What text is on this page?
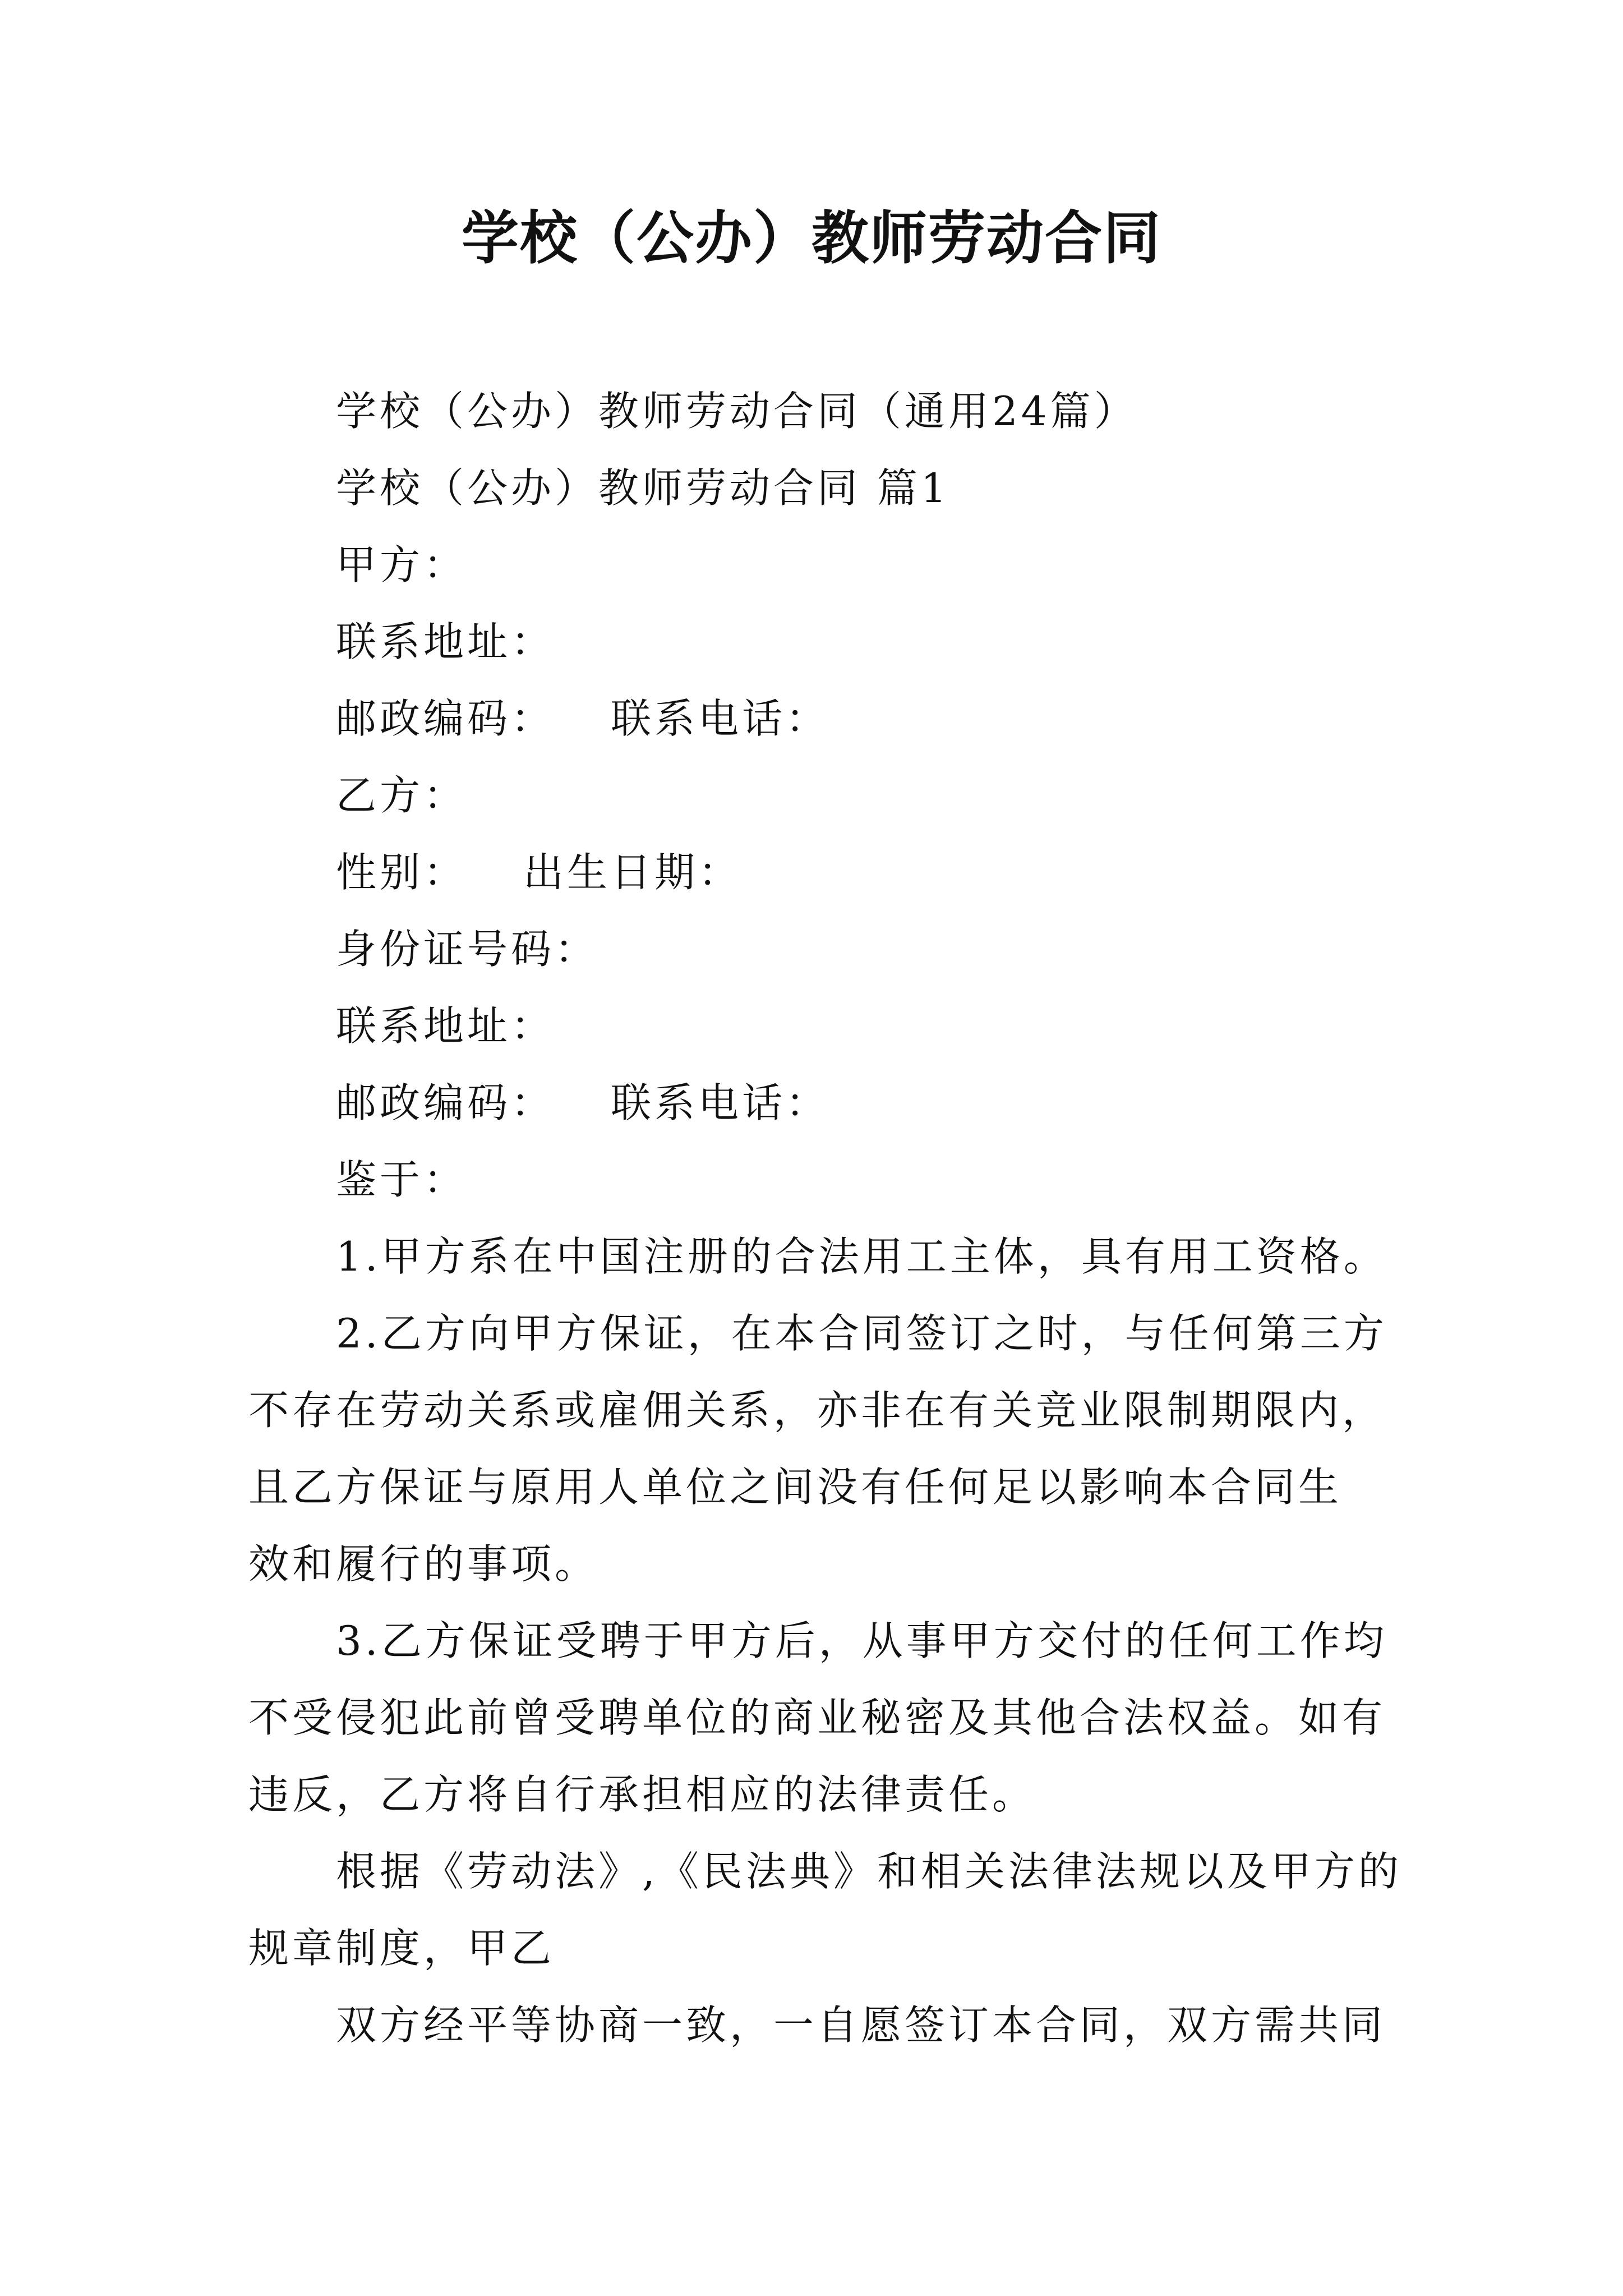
学校（公办）教师劳动合同

学校（公办）教师劳动合同（通用24篇）

学校（公办）教师劳动合同 篇1

甲方：

联系地址：

邮政编码： 联系电话：

乙方：

性别： 出生日期：

身份证号码：

联系地址：

邮政编码： 联系电话：

鉴于：

1.甲方系在中国注册的合法用工主体，具有用工资格。

2.乙方向甲方保证，在本合同签订之时，与任何第三方
不存在劳动关系或雇佣关系，亦非在有关竞业限制期限内，
且乙方保证与原用人单位之间没有任何足以影响本合同生
效和履行的事项。

3.乙方保证受聘于甲方后，从事甲方交付的任何工作均
不受侵犯此前曾受聘单位的商业秘密及其他合法权益。如有
违反，乙方将自行承担相应的法律责任。

根据《劳动法》,《民法典》和相关法律法规以及甲方的
规章制度，甲乙

双方经平等协商一致，一自愿签订本合同，双方需共同
